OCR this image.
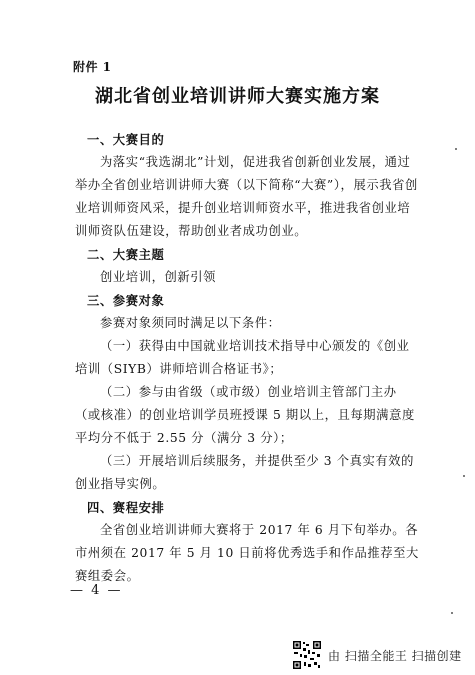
附件 1
湖北省创业培训讲师大赛实施方案

一、大赛目的

为落实“我选湖北”计划，促进我省创新创业发展，通过举办全省创业培训讲师大赛（以下简称“大赛”），展示我省创业培训师资风采，提升创业培训师资水平，推进我省创业培训师资队伍建设，帮助创业者成功创业。

二、大赛主题

创业培训，创新引领

三、参赛对象

参赛对象须同时满足以下条件：

（一）获得由中国就业培训技术指导中心颁发的《创业培训（SIYB）讲师培训合格证书》；

（二）参与由省级（或市级）创业培训主管部门主办（或核准）的创业培训学员班授课 5 期以上，且每期满意度平均分不低于 2.55 分（满分 3 分）；

（三）开展培训后续服务，并提供至少 3 个真实有效的创业指导实例。

四、赛程安排

全省创业培训讲师大赛将于 2017 年 6 月下旬举办。各市州须在 2017 年 5 月 10 日前将优秀选手和作品推荐至大赛组委会。

— 4 —
由 扫描全能王 扫描创建
